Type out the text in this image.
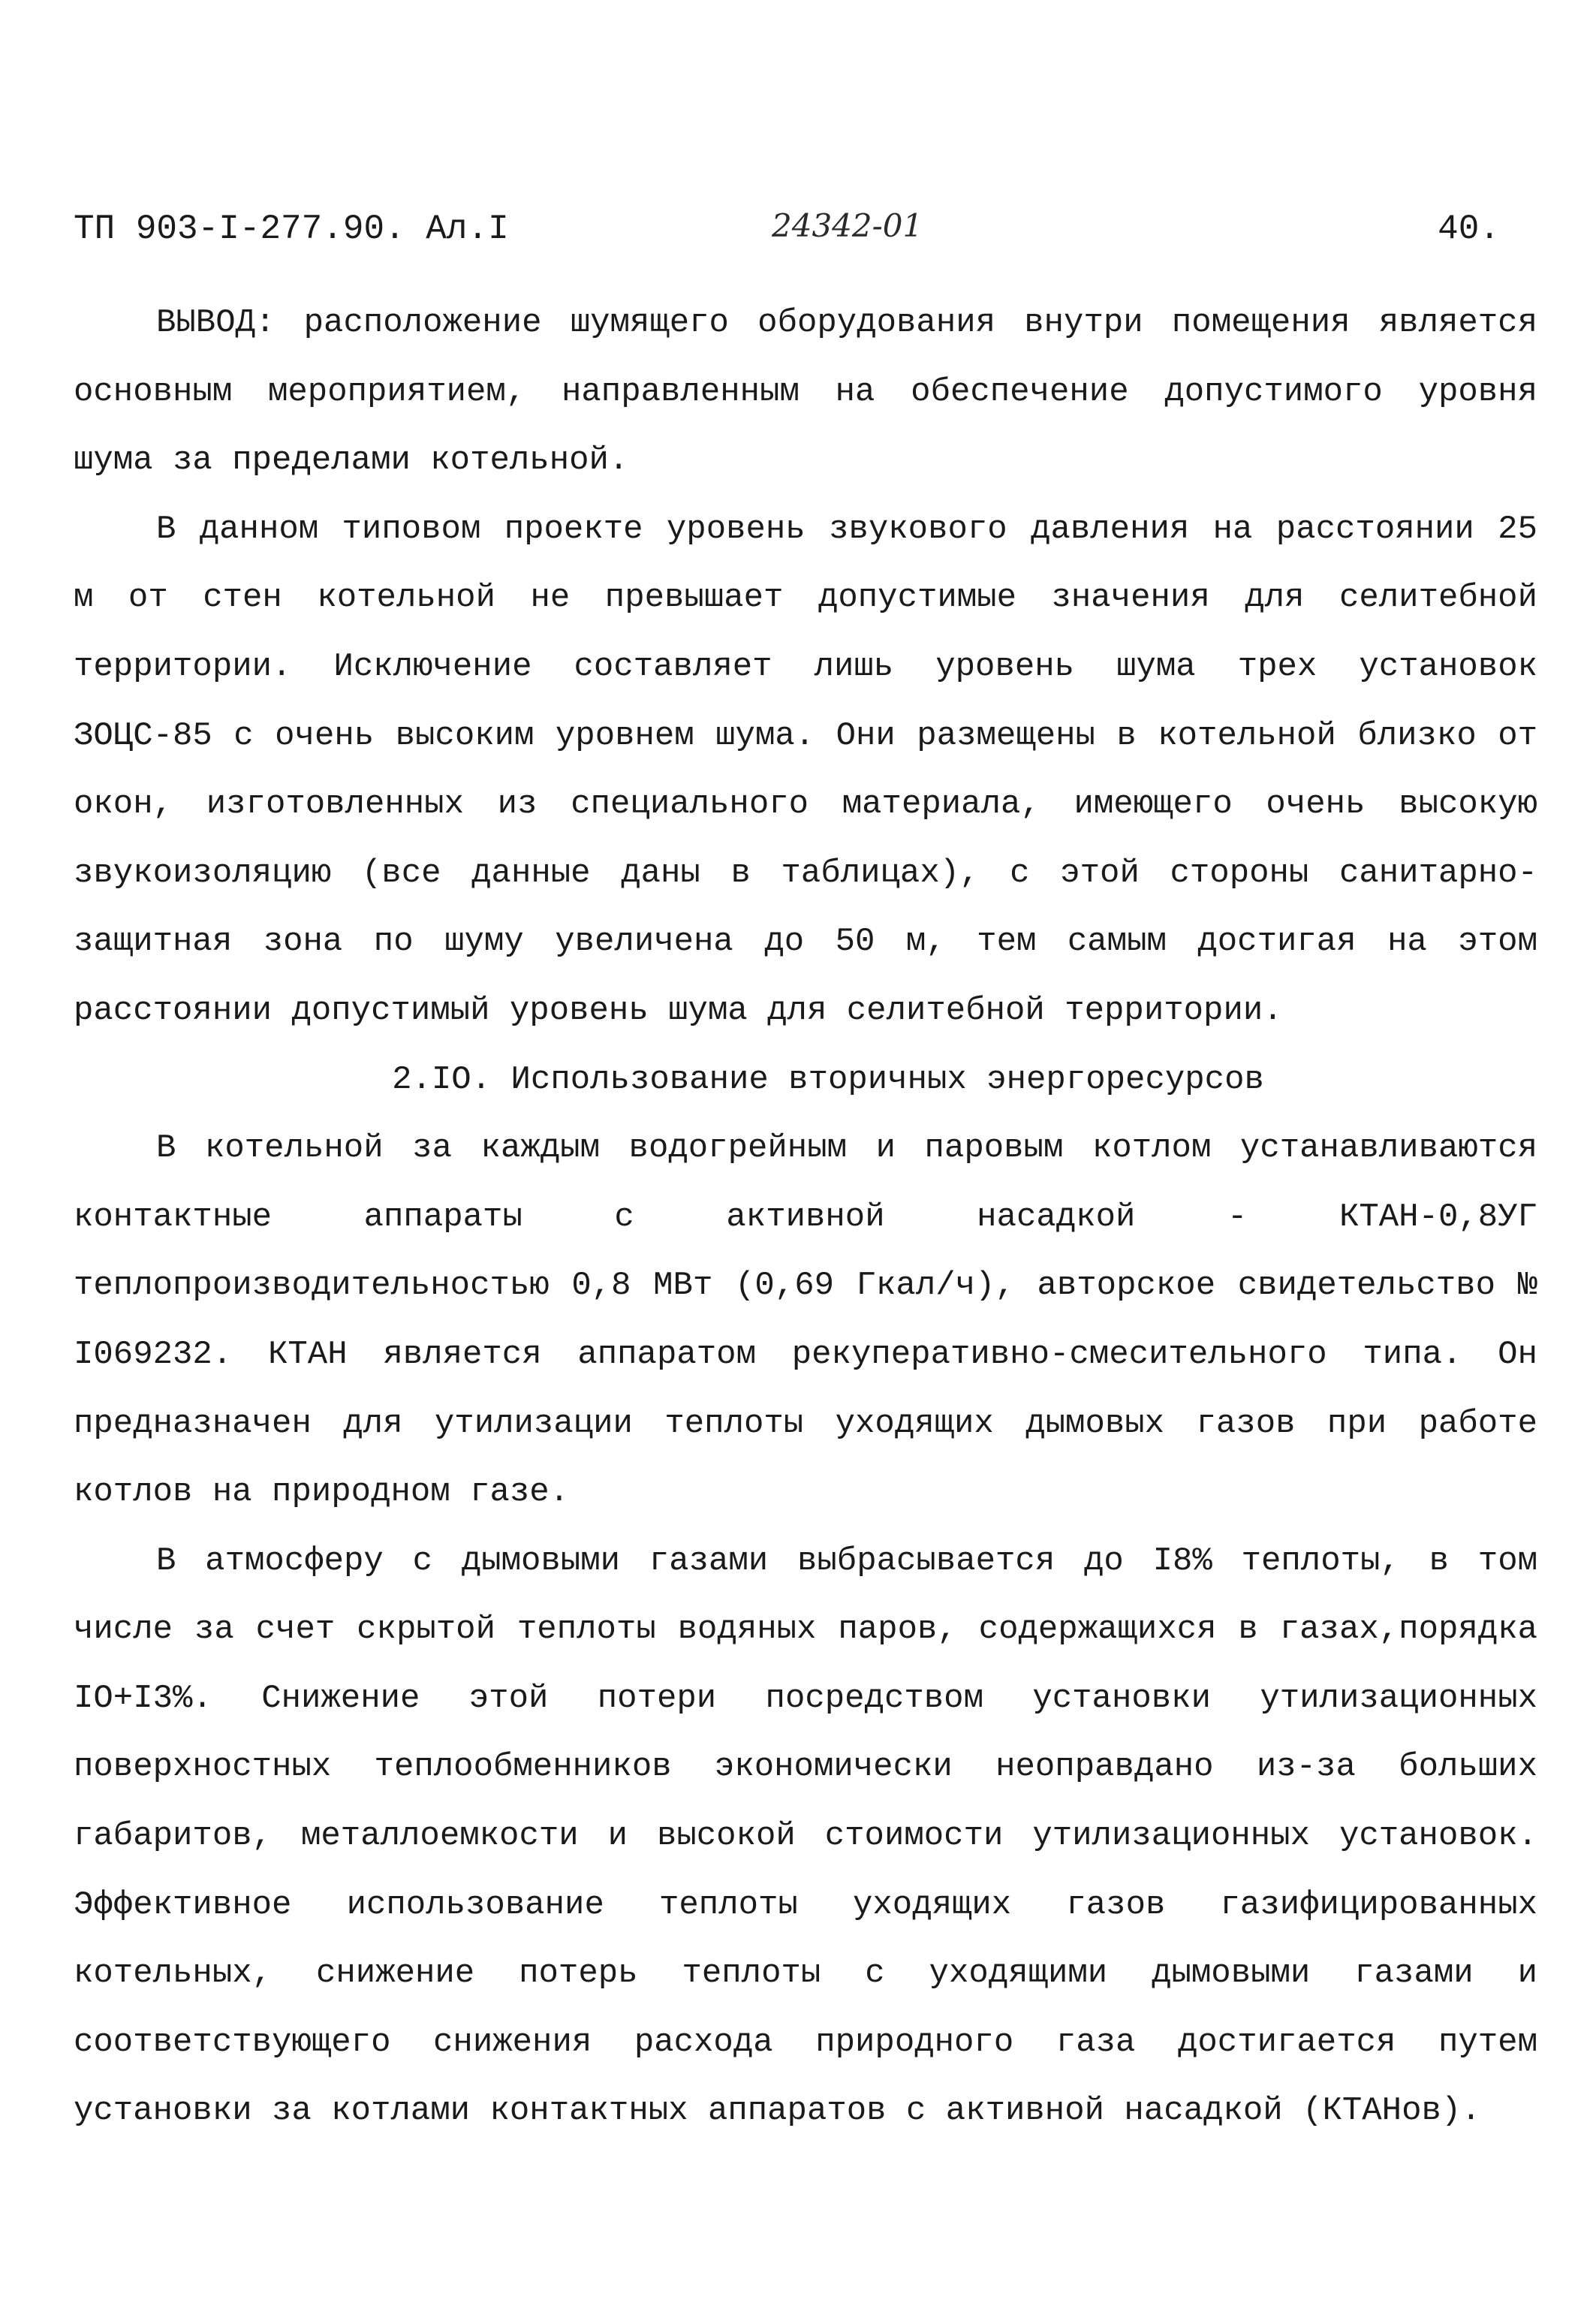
ТП 903-I-277.90. Ал.I	24342-01	40.

ВЫВОД: расположение шумящего оборудования внутри помещения является основным мероприятием, направленным на обеспечение допустимого уровня шума за пределами котельной.

В данном типовом проекте уровень звукового давления на расстоянии 25 м от стен котельной не превышает допустимые значения для селитебной территории. Исключение составляет лишь уровень шума трех установок ЗОЦС-85 с очень высоким уровнем шума. Они размещены в котельной близко от окон, изготовленных из специального материала, имеющего очень высокую звукоизоляцию (все данные даны в таблицах), с этой стороны санитарно-защитная зона по шуму увеличена до 50 м, тем самым достигая на этом расстоянии допустимый уровень шума для селитебной территории.

2.IO. Использование вторичных энергоресурсов

В котельной за каждым водогрейным и паровым котлом устанавливаются контактные аппараты с активной насадкой - КТАН-0,8УГ теплопроизводительностью 0,8 МВт (0,69 Гкал/ч), авторское свидетельство № I069232. КТАН является аппаратом рекуперативно-смесительного типа. Он предназначен для утилизации теплоты уходящих дымовых газов при работе котлов на природном газе.

В атмосферу с дымовыми газами выбрасывается до I8% теплоты, в том числе за счет скрытой теплоты водяных паров, содержащихся в газах,порядка IO+I3%. Снижение этой потери посредством установки утилизационных поверхностных теплообменников экономически неоправдано из-за больших габаритов, металлоемкости и высокой стоимости утилизационных установок. Эффективное использование теплоты уходящих газов газифицированных котельных, снижение потерь теплоты с уходящими дымовыми газами и соответствующего снижения расхода природного газа достигается путем установки за котлами контактных аппаратов с активной насадкой (КТАНов).
